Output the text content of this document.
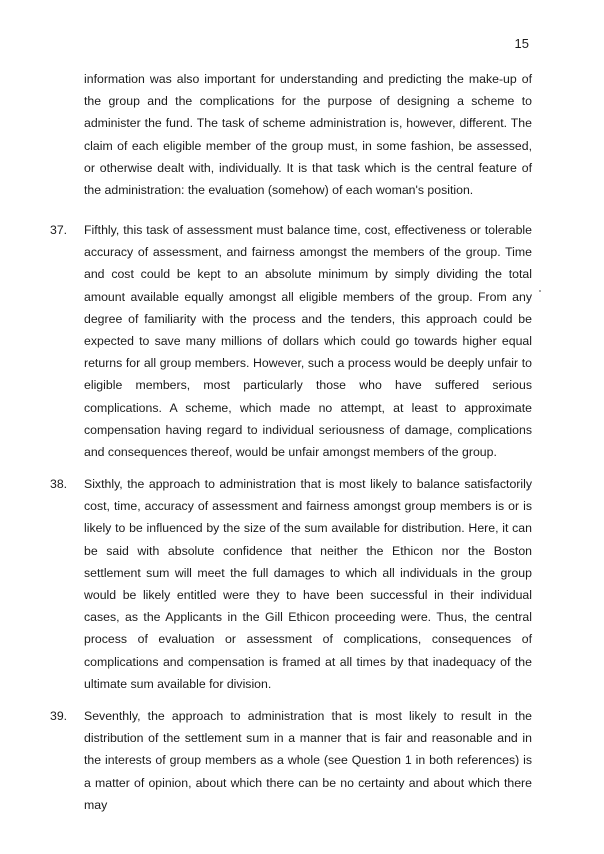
15

information was also important for understanding and predicting the make-up of the group and the complications for the purpose of designing a scheme to administer the fund. The task of scheme administration is, however, different. The claim of each eligible member of the group must, in some fashion, be assessed, or otherwise dealt with, individually. It is that task which is the central feature of the administration: the evaluation (somehow) of each woman's position.

37.	Fifthly, this task of assessment must balance time, cost, effectiveness or tolerable accuracy of assessment, and fairness amongst the members of the group. Time and cost could be kept to an absolute minimum by simply dividing the total amount available equally amongst all eligible members of the group. From any degree of familiarity with the process and the tenders, this approach could be expected to save many millions of dollars which could go towards higher equal returns for all group members. However, such a process would be deeply unfair to eligible members, most particularly those who have suffered serious complications. A scheme, which made no attempt, at least to approximate compensation having regard to individual seriousness of damage, complications and consequences thereof, would be unfair amongst members of the group.

38.	Sixthly, the approach to administration that is most likely to balance satisfactorily cost, time, accuracy of assessment and fairness amongst group members is or is likely to be influenced by the size of the sum available for distribution. Here, it can be said with absolute confidence that neither the Ethicon nor the Boston settlement sum will meet the full damages to which all individuals in the group would be likely entitled were they to have been successful in their individual cases, as the Applicants in the Gill Ethicon proceeding were. Thus, the central process of evaluation or assessment of complications, consequences of complications and compensation is framed at all times by that inadequacy of the ultimate sum available for division.

39.	Seventhly, the approach to administration that is most likely to result in the distribution of the settlement sum in a manner that is fair and reasonable and in the interests of group members as a whole (see Question 1 in both references) is a matter of opinion, about which there can be no certainty and about which there may
